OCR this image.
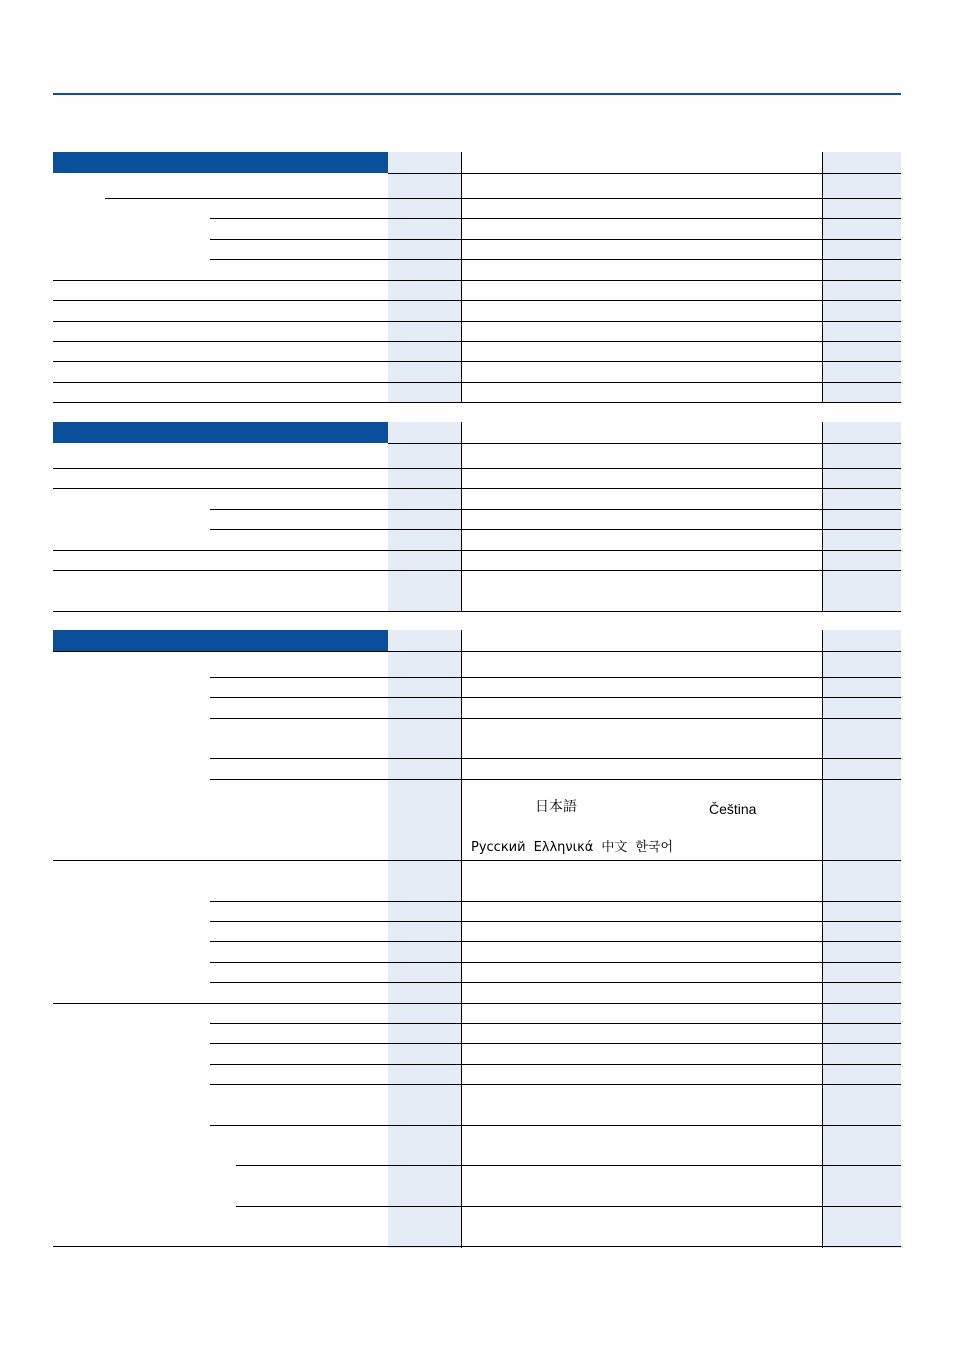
日本語	Čeština
Русский Ελληνικά 中文 한국어
